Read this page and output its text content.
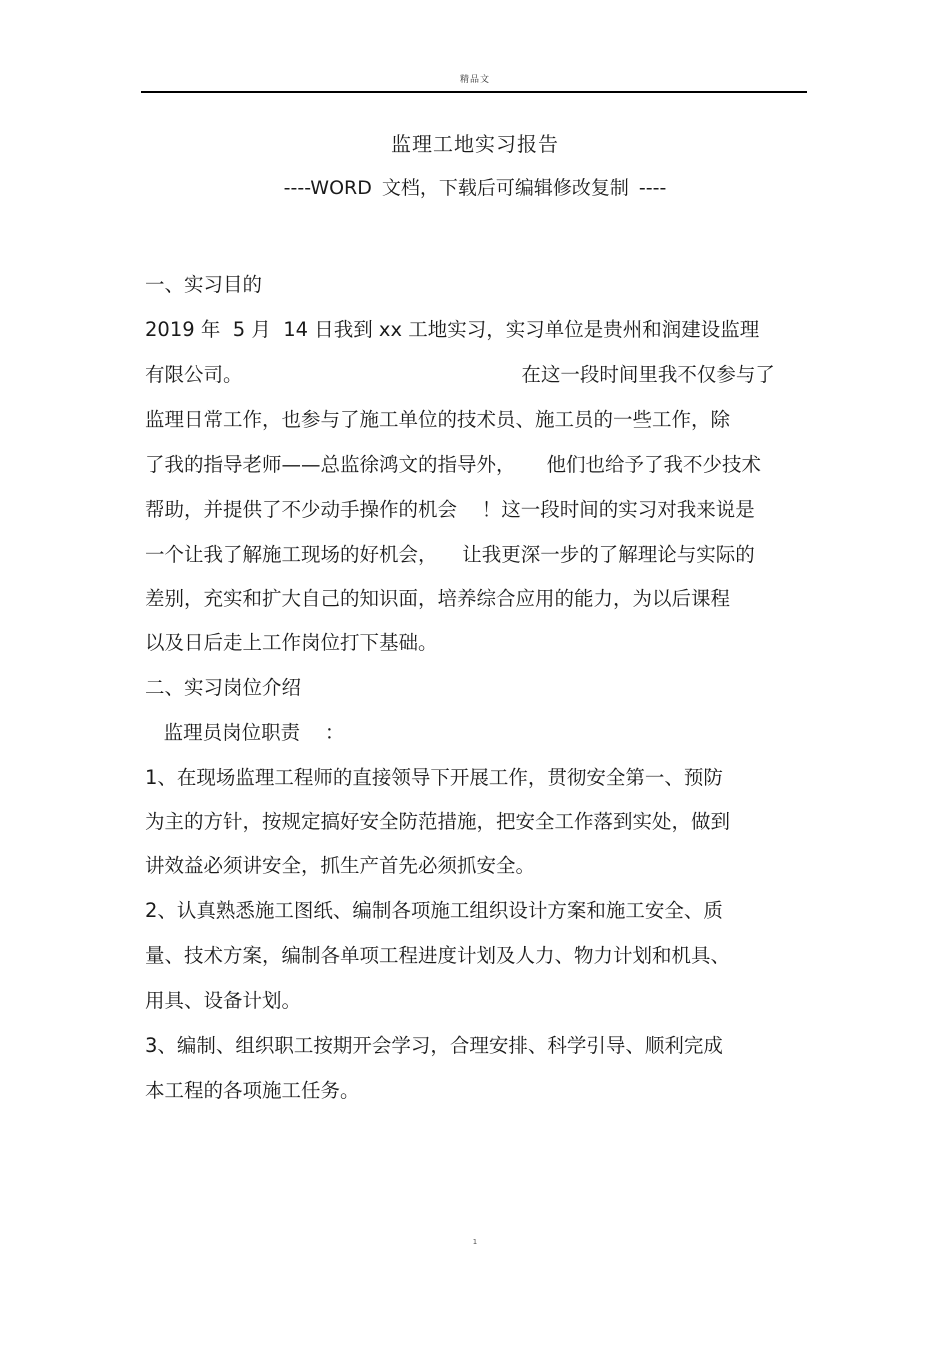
精品文
监理工地实习报告
----WORD 文档，下载后可编辑修改复制 ----
一、实习目的
2019 年  5 月  14 日我到 xx 工地实习，实习单位是贵州和润建设监理
有限公司。                                             在这一段时间里我不仅参与了
监理日常工作，也参与了施工单位的技术员、施工员的一些工作，除
了我的指导老师——总监徐鸿文的指导外，     他们也给予了我不少技术
帮助，并提供了不少动手操作的机会    ！这一段时间的实习对我来说是
一个让我了解施工现场的好机会，    让我更深一步的了解理论与实际的
差别，充实和扩大自己的知识面，培养综合应用的能力，为以后课程
以及日后走上工作岗位打下基础。
二、实习岗位介绍
监理员岗位职责    ：
1、在现场监理工程师的直接领导下开展工作，贯彻安全第一、预防
为主的方针，按规定搞好安全防范措施，把安全工作落到实处，做到
讲效益必须讲安全，抓生产首先必须抓安全。
2、认真熟悉施工图纸、编制各项施工组织设计方案和施工安全、质
量、技术方案，编制各单项工程进度计划及人力、物力计划和机具、
用具、设备计划。
3、编制、组织职工按期开会学习，合理安排、科学引导、顺利完成
本工程的各项施工任务。
1
